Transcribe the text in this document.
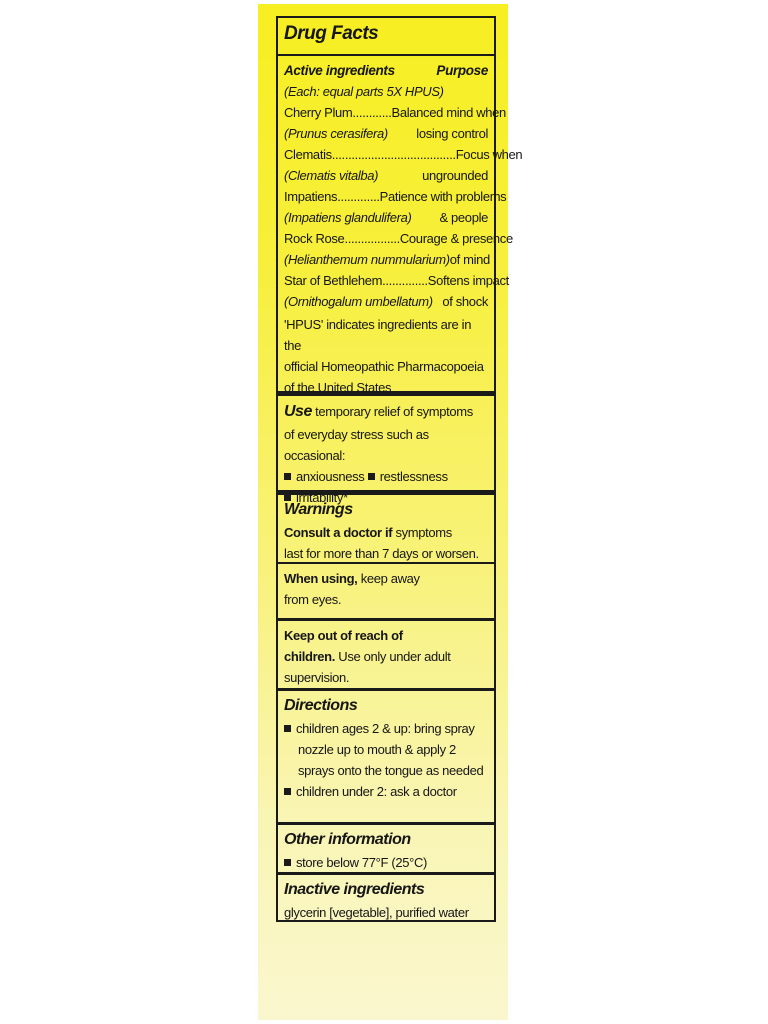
Drug Facts
Active ingredients	Purpose
(Each: equal parts 5X HPUS)
Cherry Plum............ Balanced mind when
(Prunus cerasifera) losing control
Clematis...................................... Focus when
(Clematis vitalba)	ungrounded
Impatiens............. Patience with problems
(Impatiens glandulifera) & people
Rock Rose................. Courage & presence
(Helianthemum nummularium) of mind
Star of Bethlehem.............. Softens impact
(Ornithogalum umbellatum) of shock
'HPUS' indicates ingredients are in the
official Homeopathic Pharmacopoeia
of the United States
Use temporary relief of symptoms
of everyday stress such as occasional:
anxiousness restlessness
irritability*
Warnings
Consult a doctor if symptoms
last for more than 7 days or worsen.
When using, keep away
from eyes.
Keep out of reach of
children. Use only under adult
supervision.
Directions
children ages 2 & up: bring spray
nozzle up to mouth & apply 2
sprays onto the tongue as needed
children under 2: ask a doctor
Other information
store below 77°F (25°C)
Inactive ingredients
glycerin [vegetable], purified water
